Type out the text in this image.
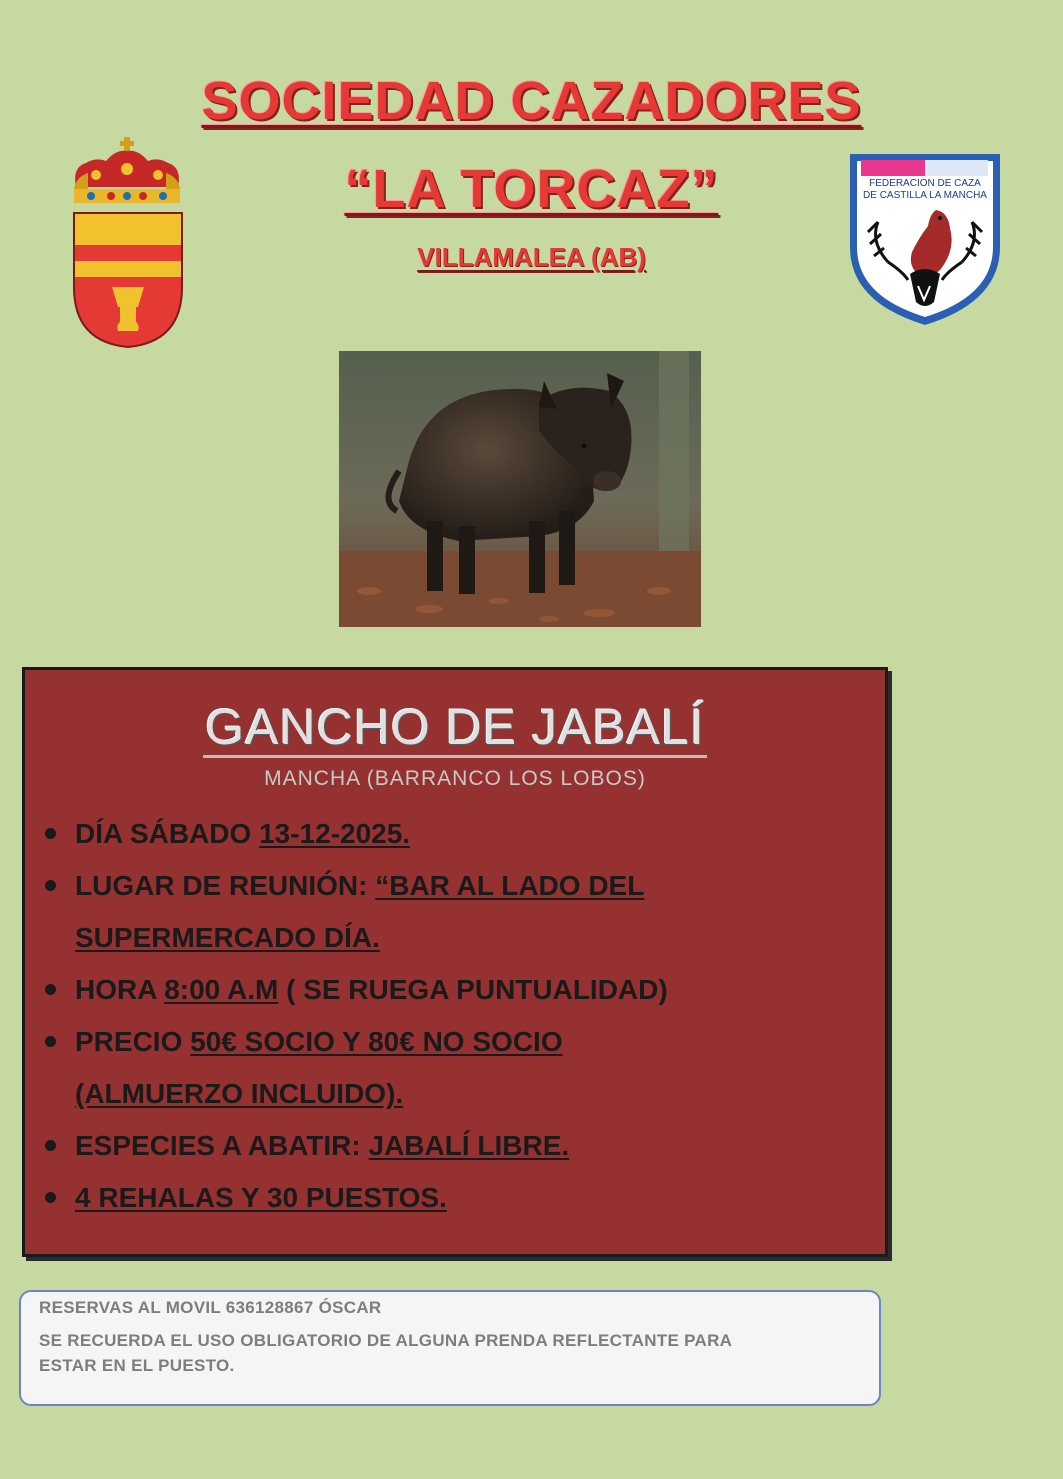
SOCIEDAD CAZADORES
“LA TORCAZ”
VILLAMALEA (AB)
FEDERACION DE CAZA
DE CASTILLA LA MANCHA
GANCHO DE JABALÍ
MANCHA (BARRANCO LOS LOBOS)
DÍA SÁBADO 13-12-2025.
LUGAR DE REUNIÓN: “BAR AL LADO DEL
SUPERMERCADO DÍA.
HORA 8:00 A.M ( SE RUEGA PUNTUALIDAD)
PRECIO 50€ SOCIO Y 80€ NO SOCIO
(ALMUERZO INCLUIDO).
ESPECIES A ABATIR: JABALÍ LIBRE.
4 REHALAS Y 30 PUESTOS.
RESERVAS AL MOVIL 636128867 ÓSCAR
SE RECUERDA EL USO OBLIGATORIO DE ALGUNA PRENDA REFLECTANTE PARA
ESTAR EN EL PUESTO.
